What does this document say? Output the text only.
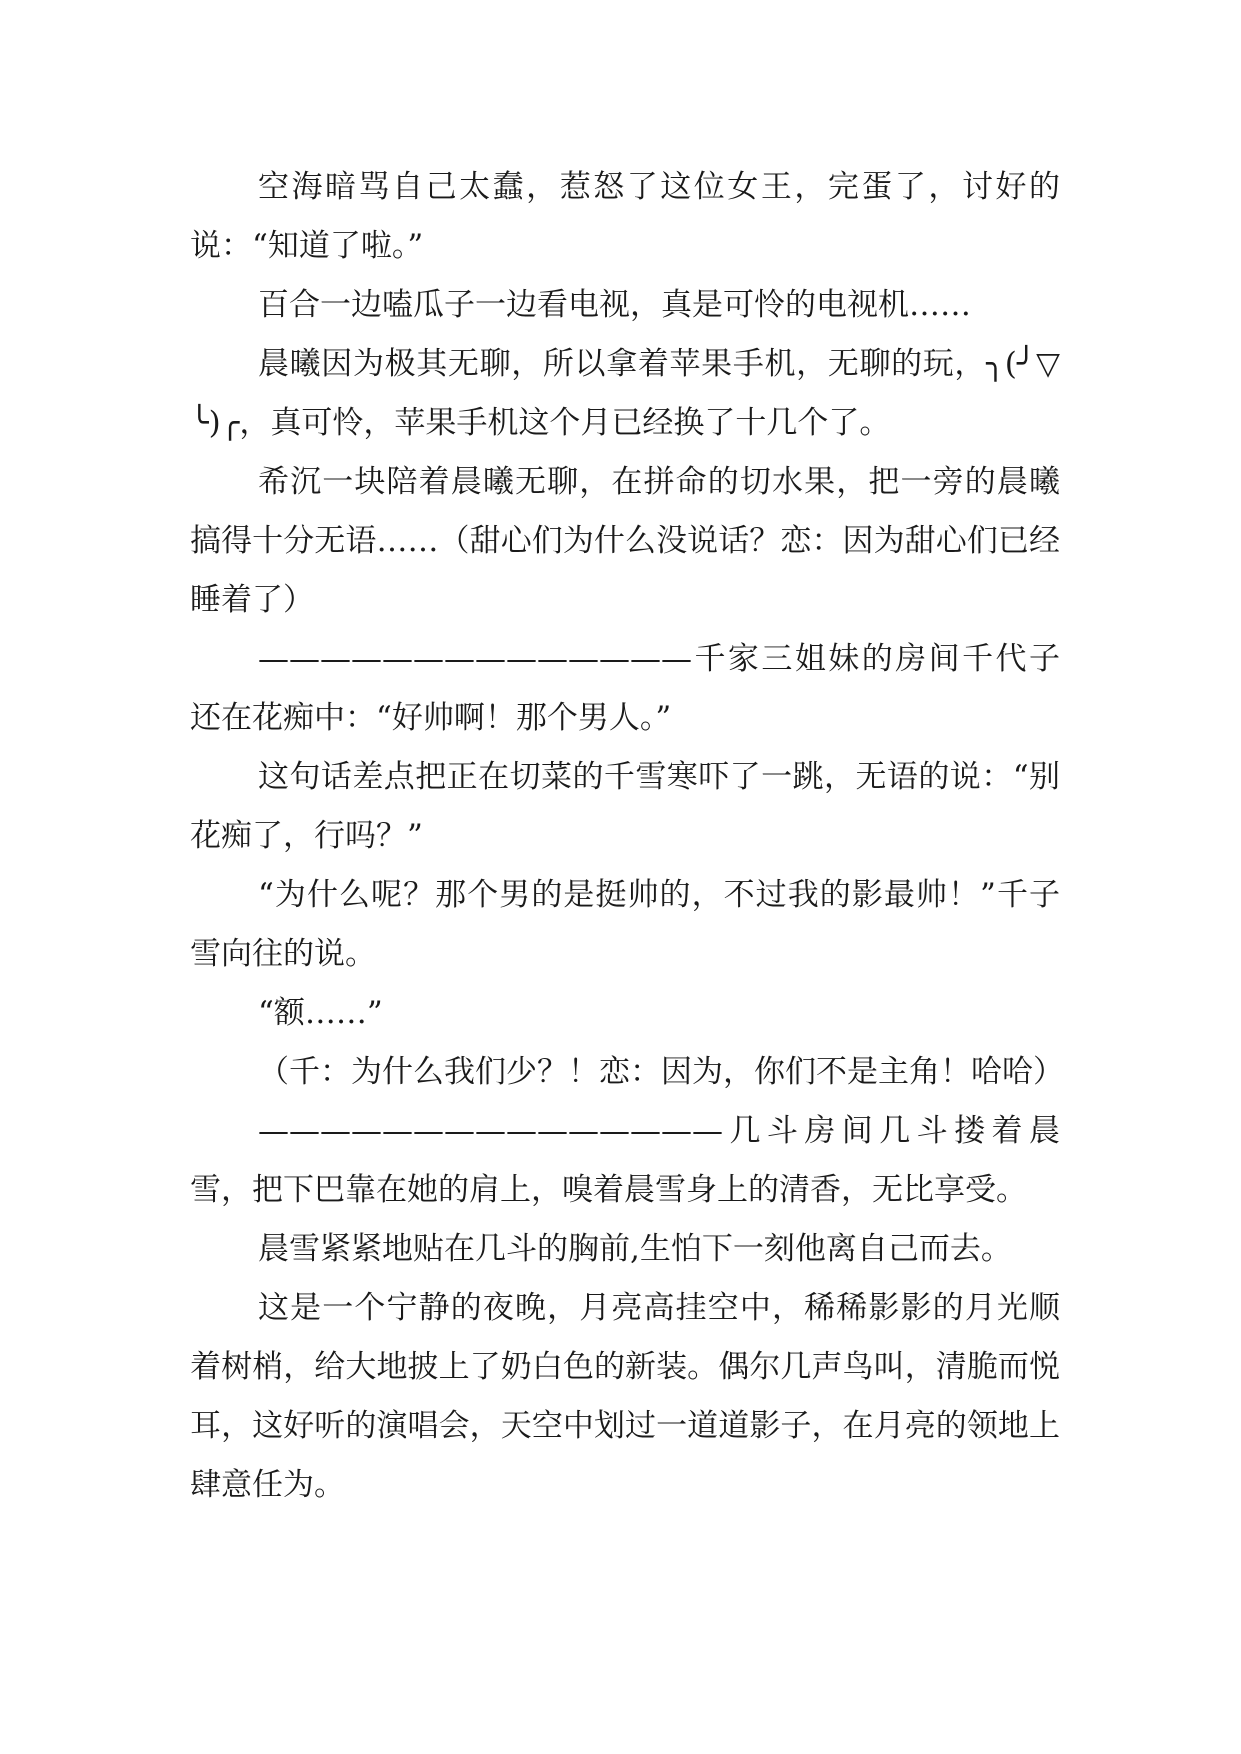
空海暗骂自己太蠢，惹怒了这位女王，完蛋了，讨好的说：“知道了啦。”

百合一边嗑瓜子一边看电视，真是可怜的电视机……

晨曦因为极其无聊，所以拿着苹果手机，无聊的玩，╮(╯▽╰)╭，真可怜，苹果手机这个月已经换了十几个了。

希沉一块陪着晨曦无聊，在拼命的切水果，把一旁的晨曦搞得十分无语……（甜心们为什么没说话？恋：因为甜心们已经睡着了）

——————————————千家三姐妹的房间千代子还在花痴中：“好帅啊！那个男人。”

这句话差点把正在切菜的千雪寒吓了一跳，无语的说：“别花痴了，行吗？”

“为什么呢？那个男的是挺帅的，不过我的影最帅！”千子雪向往的说。

“额……”

（千：为什么我们少？！恋：因为，你们不是主角！哈哈）

———————————————几斗房间几斗搂着晨雪，把下巴靠在她的肩上，嗅着晨雪身上的清香，无比享受。

晨雪紧紧地贴在几斗的胸前,生怕下一刻他离自己而去。

这是一个宁静的夜晚，月亮高挂空中，稀稀影影的月光顺着树梢，给大地披上了奶白色的新装。偶尔几声鸟叫，清脆而悦耳，这好听的演唱会，天空中划过一道道影子，在月亮的领地上肆意任为。
